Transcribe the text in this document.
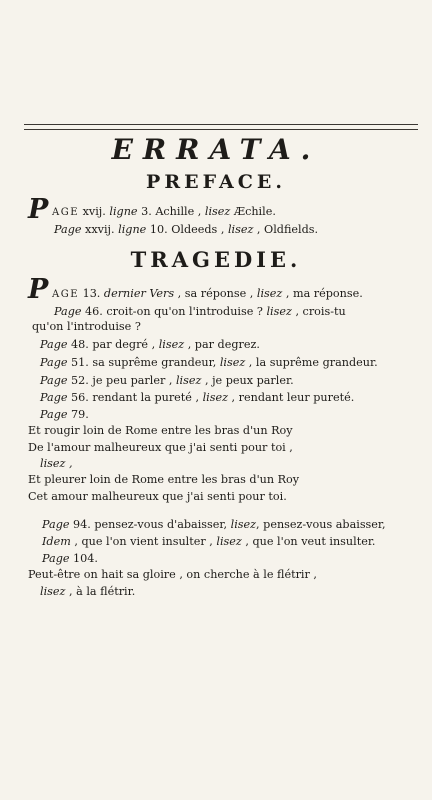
ERRATA.
PREFACE.
P AGE xvij. ligne 3. Achille , lisez Æchile.
Page xxvij. ligne 10. Oldeeds , lisez , Oldfields.
TRAGEDIE.
P AGE 13. dernier Vers , sa réponse , lisez , ma réponse.
Page 46. croit-on qu'on l'introduise ? lisez , crois-tu
qu'on l'introduise ?
Page 48. par degré , lisez , par degrez.
Page 51. sa suprême grandeur, lisez , la suprême grandeur.
Page 52. je peu parler , lisez , je peux parler.
Page 56. rendant la pureté , lisez , rendant leur pureté.
Page 79.
Et rougir loin de Rome entre les bras d'un Roy
De l'amour malheureux que j'ai senti pour toi ,
lisez ,
Et pleurer loin de Rome entre les bras d'un Roy
Cet amour malheureux que j'ai senti pour toi.
Page 94. pensez-vous d'abaisser, lisez, pensez-vous abaisser,
Idem , que l'on vient insulter , lisez , que l'on veut insulter.
Page 104.
Peut-être on hait sa gloire , on cherche à le flétrir ,
lisez , à la flétrir.
